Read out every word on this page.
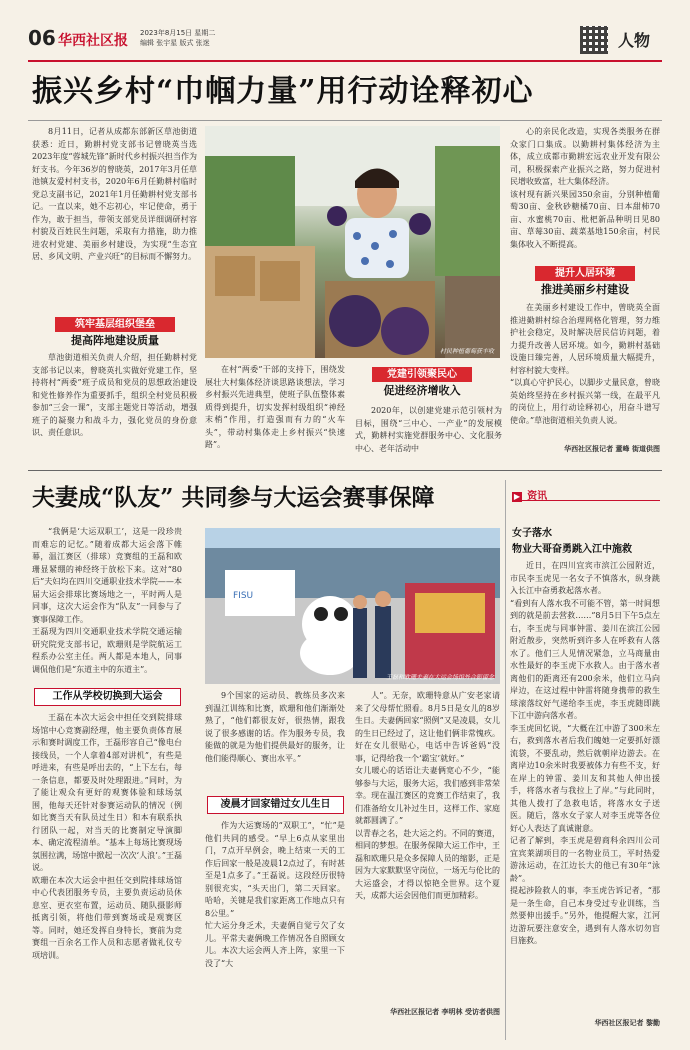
06 华西社区报 2023年8月15日 星期二
编辑 张宇星 版式 张迷	人物
振兴乡村“巾帼力量”用行动诠释初心
8月11日，记者从成都东部新区草池街道获悉：近日，勤耕村党支部书记曾晓英当选2023年度“蓉城先锋”新时代乡村振兴担当作为好支书。今年36岁的曾晓英，2017年3月任草池镇友爱村村支书，2020年6月任勤耕村临时党总支副书记，2021年1月任勤耕村党支部书记。一直以来，她不忘初心，牢记使命，勇于作为，敢于担当，带领支部党员详细调研村容村貌及百姓民生问题，采取有力措施，助力推进农村党建、美丽乡村建设，为实现“生态宜居、乡风文明、产业兴旺”的目标而不懈努力。
筑牢基层组织堡垒
提高阵地建设质量
草池街道相关负责人介绍，担任勤耕村党支部书记以来，曾晓英扎实做好党建工作，坚持将村“两委”班子成员和党员的思想政治建设和党性修养作为重要抓手，组织全村党员积极参加“三会一课”，支部主题党日等活动，增强班子的凝聚力和战斗力，强化党员的身份意识、责任意识。
村民种植葡萄获丰收
在村“两委”干部的支持下，围绕发展壮大村集体经济谈思路谈想法，学习乡村振兴先进典型，使班子队伍整体素质得到提升，切实发挥村级组织“神经末梢”作用，打造强而有力的“火车头”，带动村集体走上乡村振兴“快速路”。
党建引领聚民心
促进经济增收入
2020年，以创建党建示范引领村为目标，围绕“三中心、一产业”的发展模式，勤耕村实施党群服务中心、文化服务中心、老年活动中
心的亲民化改造，实现各类服务在群众家门口集成。以勤耕村集体经济为主体，成立成都市勤耕宏远农业开发有限公司，积极探索产业振兴之路，努力促进村民增收致富，壮大集体经济。
该村现有新兴果园350余亩，分别种植葡萄30亩、金秋砂糖橘70亩、日本甜柿70亩、水蜜桃70亩、枇杷新品种明日见80亩、草莓30亩、蔬菜基地150余亩，村民集体收入不断提高。
提升人居环境
推进美丽乡村建设
在美丽乡村建设工作中，曾晓英全面推进勤耕村综合治理网格化管理，努力维护社会稳定，及时解决居民信访问题，着力提升改善人居环境。如今，勤耕村基础设施日臻完善，人居环境质量大幅提升，村容村貌大变样。
“以真心守护民心，以脚步丈量民意，曾晓英始终坚持在乡村振兴第一线，在最平凡的岗位上，用行动诠释初心，用奋斗谱写使命。”草池街道相关负责人说。
华西社区报记者 董峰 街道供图
夫妻成“队友” 共同参与大运会赛事保障
“我俩是‘大运双职工’，这是一段珍贵而难忘的记忆。”随着成都大运会落下帷幕，温江赛区（排球）竞赛组的王磊和欧珊显紧绷的神经终于放松下来。这对“80后”夫妇均在四川交通职业技术学院——本届大运会排球比赛场地之一，平时两人是同事，这次大运会作为“队友”一同参与了赛事保障工作。
王磊现为四川交通职业技术学院交通运输研究院党支部书记，欧珊则是学院航运工程系办公室主任。两人都是本地人，同事调侃他们是“东道主中的东道主”。
工作从学校切换到大运会
王磊在本次大运会中担任交到院排球场馆中心竞赛副经理，他主要负责体育展示和赛时调度工作，王磊形容自己“像电台接线员，一个人拿着4部对讲机”，有些是呼进来，有些是呼出去的，“上下左右，每一条信息，都要及时处理跟进。”同时，为了能让观众有更好的观赛体验和球场氛围，他每天还针对参赛运动队的情况（例如比赛当天有队员过生日）和本有联系执行团队一起，对当天的比赛制定导演脚本、确定流程清单。“基本上每场比赛现场氛围拉满，场馆中掀起一次次‘人浪’。”王磊说。
欧珊在本次大运会中担任交到院排球场馆中心代表团服务专员，主要负责运动员休息室、更衣室布置，运动员、随队摄影师抵离引领，将他们带到赛场或是观赛区等。同时，她还发挥自身特长，赛前为竞赛组一百余名工作人员和志愿者做礼仪专项培训。
FISU
王磊和欧珊夫妻在大运会场馆外合影留念
9个国家的运动员、教练员多次来到温江训练和比赛，欧珊和他们渐渐处熟了，“他们都很友好，很热情，跟我说了很多感谢的话。作为服务专员，我能做的就是为他们提供最好的服务，让他们能得顺心、赛出水平。”
凌晨才回家错过女儿生日
作为大运赛场的“双职工”，“忙”是他们共同的感受。“早上6点从家里出门，7点开早例会，晚上结束一天的工作后回家一般是凌晨12点过了，有时甚至是1点多了。”王磊说。这段经历很特别很充实，“头天出门，第二天回家。哈哈，关键是我们家距离工作地点只有8公里。”
忙大运分身乏术，夫妻俩自觉亏欠了女儿。平常夫妻俩晚工作情况各自照顾女儿。本次大运会两人齐上阵，家里一下没了“大
人”。无奈，欧珊特意从广安老家请来了父母帮忙照看。8月5日是女儿的8岁生日。夫妻俩回家“照例”又是凌晨，女儿的生日已经过了，这让他们俩非常愧疚。好在女儿很贴心，电话中告诉爸妈“没事，记得给我一个‘霸宝’就好。”
女儿暖心的话语让夫妻俩宽心不少，“能够参与大运，服务大运，我们感到非常荣幸。现在温江赛区的竞赛工作结束了，我们准备给女儿补过生日，这样工作、家庭就都圆满了。”
以青春之名，赴大运之约。不同的赛道，相同的梦想。在服务保障大运工作中，王磊和欧珊只是众多保障人员的缩影，正是因为大家默默坚守岗位，一场无与伦比的大运盛会，才得以惊艳全世界。这个夏天，成都大运会因他们而更加精彩。
华西社区报记者 李明林 受访者供图
▶ 资讯
女子落水
物业大哥奋勇跳入江中施救
近日，在四川宜宾市滨江公园附近，市民李玉虎见一名女子不慎落水，纵身跳入长江中奋勇救起落水者。
“看到有人落水我不可能不管，第一时间想到的就是前去营救……”8月5日下午5点左右，李玉虎与同事钟雷、姜川在滨江公园附近散步，突然听到许多人在呼救有人落水了。他们三人见情况紧急，立马商量由水性最好的李玉虎下水救人。由于落水者离他们的距离还有200余米，他们立马向岸边，在这过程中钟雷将随身携带的救生球滚落纹好气递给李玉虎，李玉虎随即跳下江中游向落水者。
李玉虎回忆说，“大概在江中游了300米左右，救到落水者后我们魄她一定要抓好漂流袋，不要乱动，然后就朝岸边游去。在离岸边10余米时我要被体力有些不支，好在岸上的钟雷、姜川友和其他人伸出援手，将落水者与我拉上了岸。”与此同时，其他人拨打了急救电话，将落水女子送医。随后，落水女子家人对李玉虎等各位好心人表达了真诚谢意。
记者了解到，李玉虎是碧商科余四川公司宜宾莱湖项目的一名物业员工，平时热爱游泳运动，在江边长大的他已有30年“泳龄”。
提起涉险救人的事，李玉虎告诉记者，“那是一条生命，自己本身受过专业训练，当然要伸出援手。”另外，他提醒大家，江河边游玩要注意安全，遇到有人落水切勿盲目施救。
华西社区报记者 黎勤
